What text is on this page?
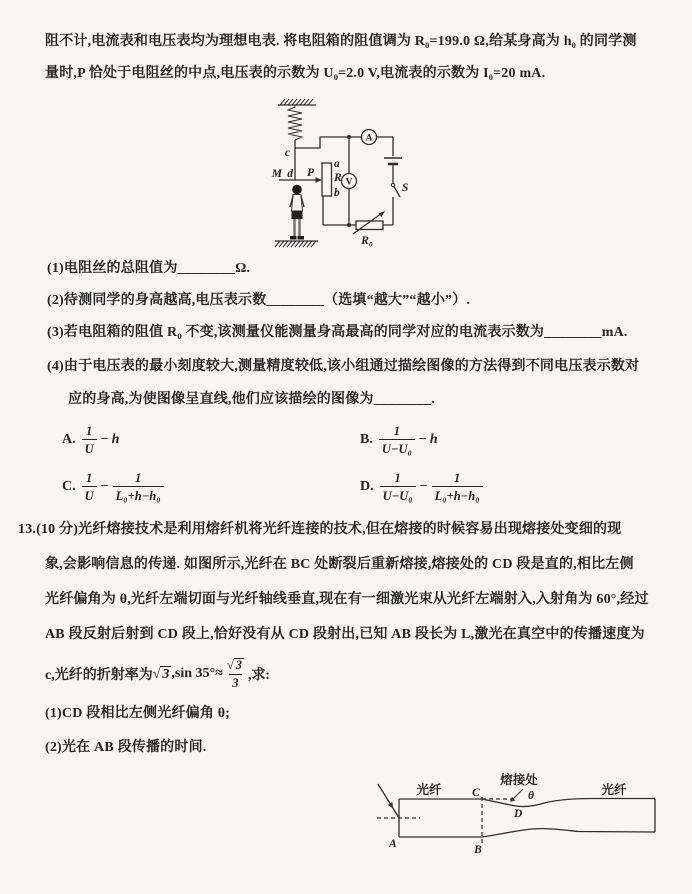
阻不计,电流表和电压表均为理想电表. 将电阻箱的阻值调为 R₀=199.0 Ω,给某身高为 h₀ 的同学测
量时,P 恰处于电阻丝的中点,电压表的示数为 U₀=2.0 V,电流表的示数为 I₀=20 mA.
c
A
S
R₀
V
a
R
b
M d P
(1)电阻丝的总阻值为________Ω.
(2)待测同学的身高越高,电压表示数________（选填“越大”“越小”）.
(3)若电阻箱的阻值 R₀ 不变,该测量仪能测量身高最高的同学对应的电流表示数为________mA.
(4)由于电压表的最小刻度较大,测量精度较低,该小组通过描绘图像的方法得到不同电压表示数对
应的身高,为使图像呈直线,他们应该描绘的图像为________.
A. $\frac{1}{U} - h$	B. $\frac{1}{\text{U−U₀}} - h$
C. $\frac{1}{U} - \frac{1}{\text{L₀+h−h₀}}$	D. $\frac{1}{\text{U−U₀}} - \frac{1}{\text{L₀+h−h₀}}$
13.(10 分)光纤熔接技术是利用熔纤机将光纤连接的技术,但在熔接的时候容易出现熔接处变细的现
象,会影响信息的传递. 如图所示,光纤在 BC 处断裂后重新熔接,熔接处的 CD 段是直的,相比左侧
光纤偏角为 θ,光纤左端切面与光纤轴线垂直,现在有一细激光束从光纤左端射入,入射角为 60°,经过
AB 段反射后射到 CD 段上,恰好没有从 CD 段射出,已知 AB 段长为 L,激光在真空中的传播速度为
c,光纤的折射率为 √ 3 ,sin $35^\circ\approx \frac{√ 3}{3}$ ,求:
(1)CD 段相比左侧光纤偏角 θ;
(2)光在 AB 段传播的时间.
光纤
熔接处
光纤
θ
A	B
C
D
